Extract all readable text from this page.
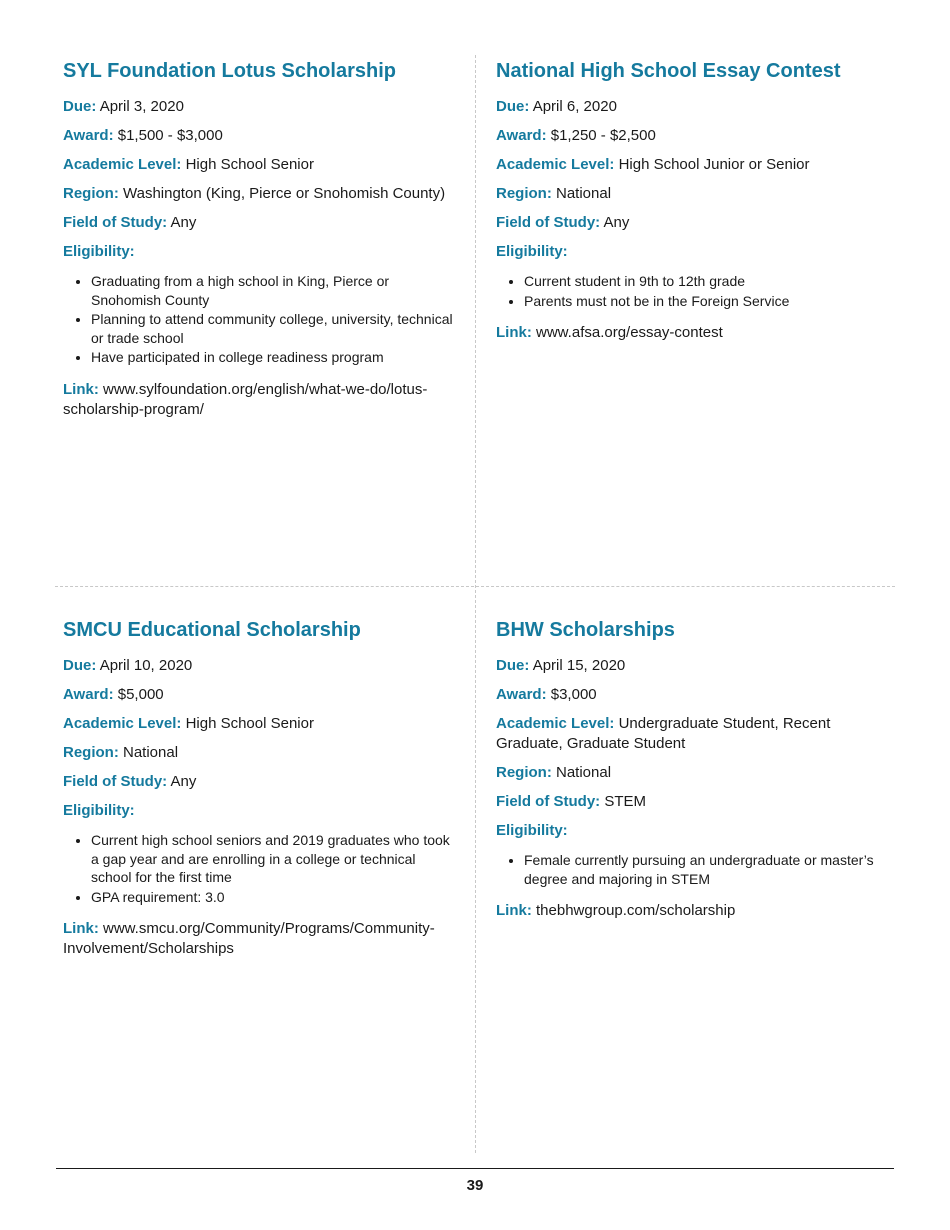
SYL Foundation Lotus Scholarship
Due: April 3, 2020
Award: $1,500 - $3,000
Academic Level: High School Senior
Region: Washington (King, Pierce or Snohomish County)
Field of Study: Any
Eligibility:
• Graduating from a high school in King, Pierce or Snohomish County
• Planning to attend community college, university, technical or trade school
• Have participated in college readiness program
Link: www.sylfoundation.org/english/what-we-do/lotus-scholarship-program/
National High School Essay Contest
Due: April 6, 2020
Award: $1,250 - $2,500
Academic Level: High School Junior or Senior
Region: National
Field of Study: Any
Eligibility:
• Current student in 9th to 12th grade
• Parents must not be in the Foreign Service
Link: www.afsa.org/essay-contest
SMCU Educational Scholarship
Due: April 10, 2020
Award: $5,000
Academic Level: High School Senior
Region: National
Field of Study: Any
Eligibility:
• Current high school seniors and 2019 graduates who took a gap year and are enrolling in a college or technical school for the first time
• GPA requirement: 3.0
Link: www.smcu.org/Community/Programs/Community-Involvement/Scholarships
BHW Scholarships
Due: April 15, 2020
Award: $3,000
Academic Level: Undergraduate Student, Recent Graduate, Graduate Student
Region: National
Field of Study: STEM
Eligibility:
• Female currently pursuing an undergraduate or master’s degree and majoring in STEM
Link: thebhwgroup.com/scholarship
39
